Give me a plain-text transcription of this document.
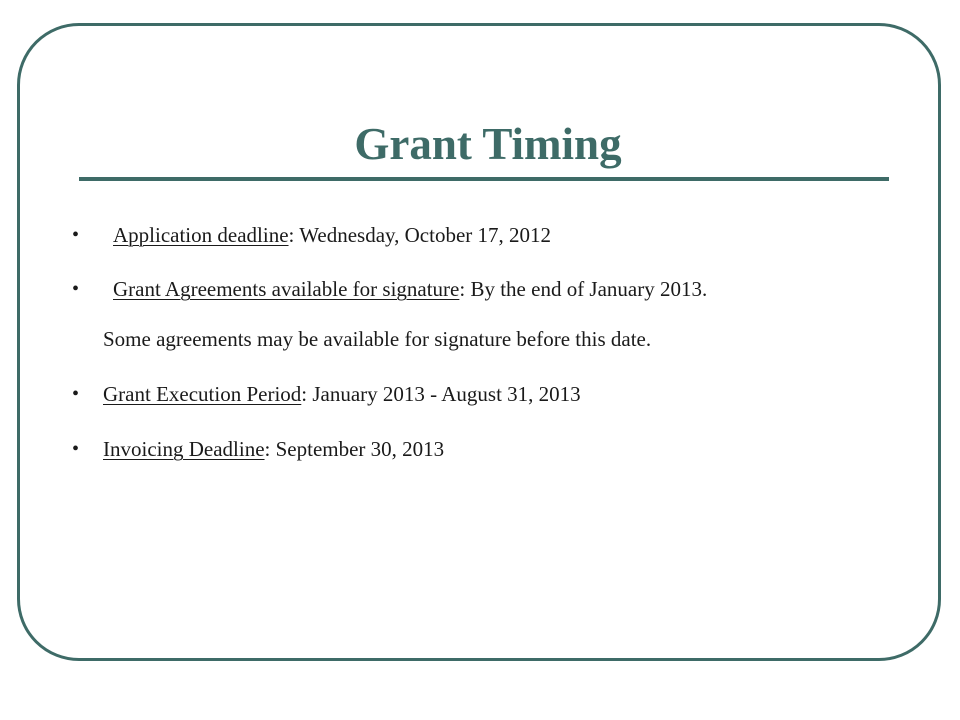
Grant Timing
•	Application deadline: Wednesday, October 17, 2012
•	Grant Agreements available for signature: By the end of January 2013.
Some agreements may be available for signature before this date.
•	Grant Execution Period: January 2013 - August 31, 2013
•	Invoicing Deadline: September 30, 2013
